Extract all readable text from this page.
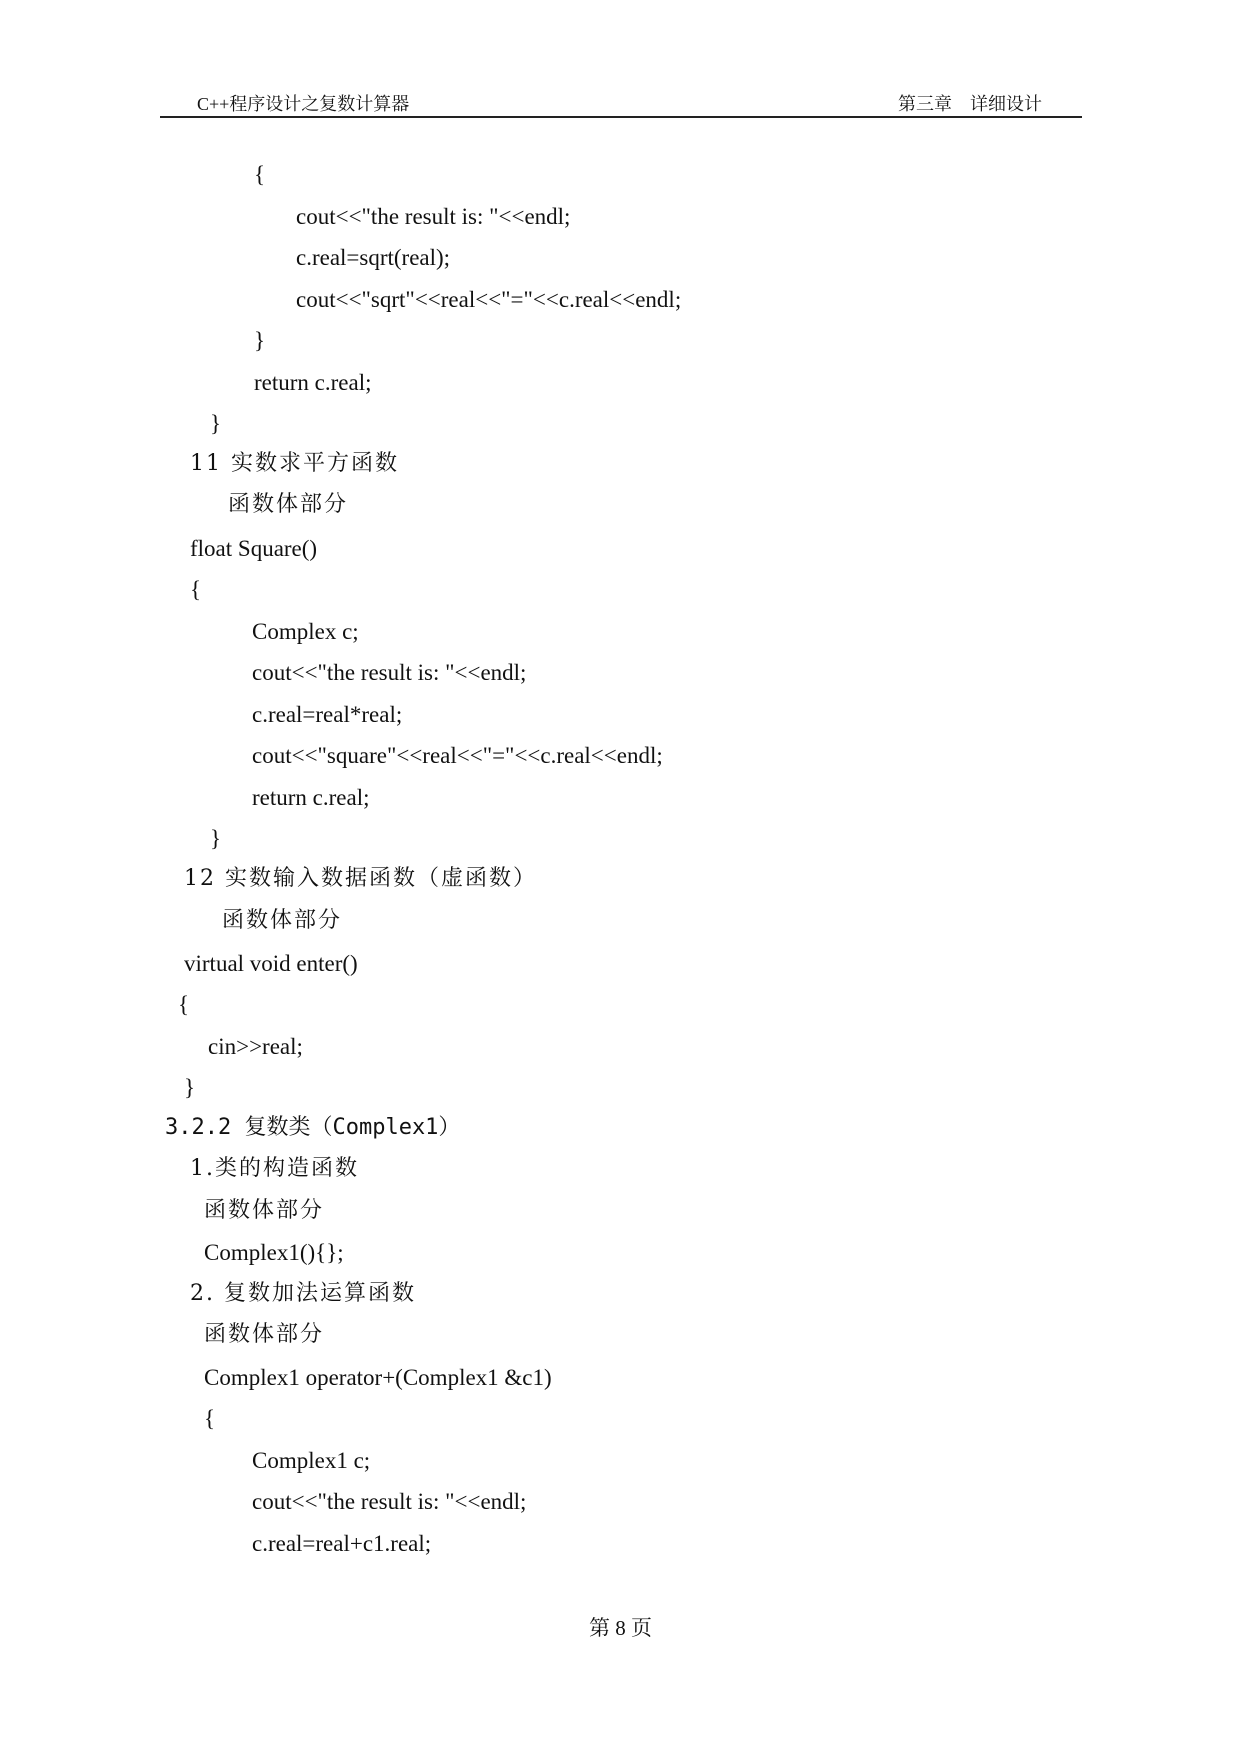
C++程序设计之复数计算器	第三章　详细设计
{
cout<<"the result is: "<<endl;
c.real=sqrt(real);
cout<<"sqrt"<<real<<"="<<c.real<<endl;
}
return c.real;
}
11 实数求平方函数
函数体部分
float Square()
{
Complex c;
cout<<"the result is: "<<endl;
c.real=real*real;
cout<<"square"<<real<<"="<<c.real<<endl;
return c.real;
}
12 实数输入数据函数（虚函数）
函数体部分
virtual void enter()
{
cin>>real;
}
3.2.2 复数类（Complex1）
1.类的构造函数
函数体部分
Complex1(){};
2. 复数加法运算函数
函数体部分
Complex1 operator+(Complex1 &c1)
{
Complex1 c;
cout<<"the result is: "<<endl;
c.real=real+c1.real;
第 8 页
